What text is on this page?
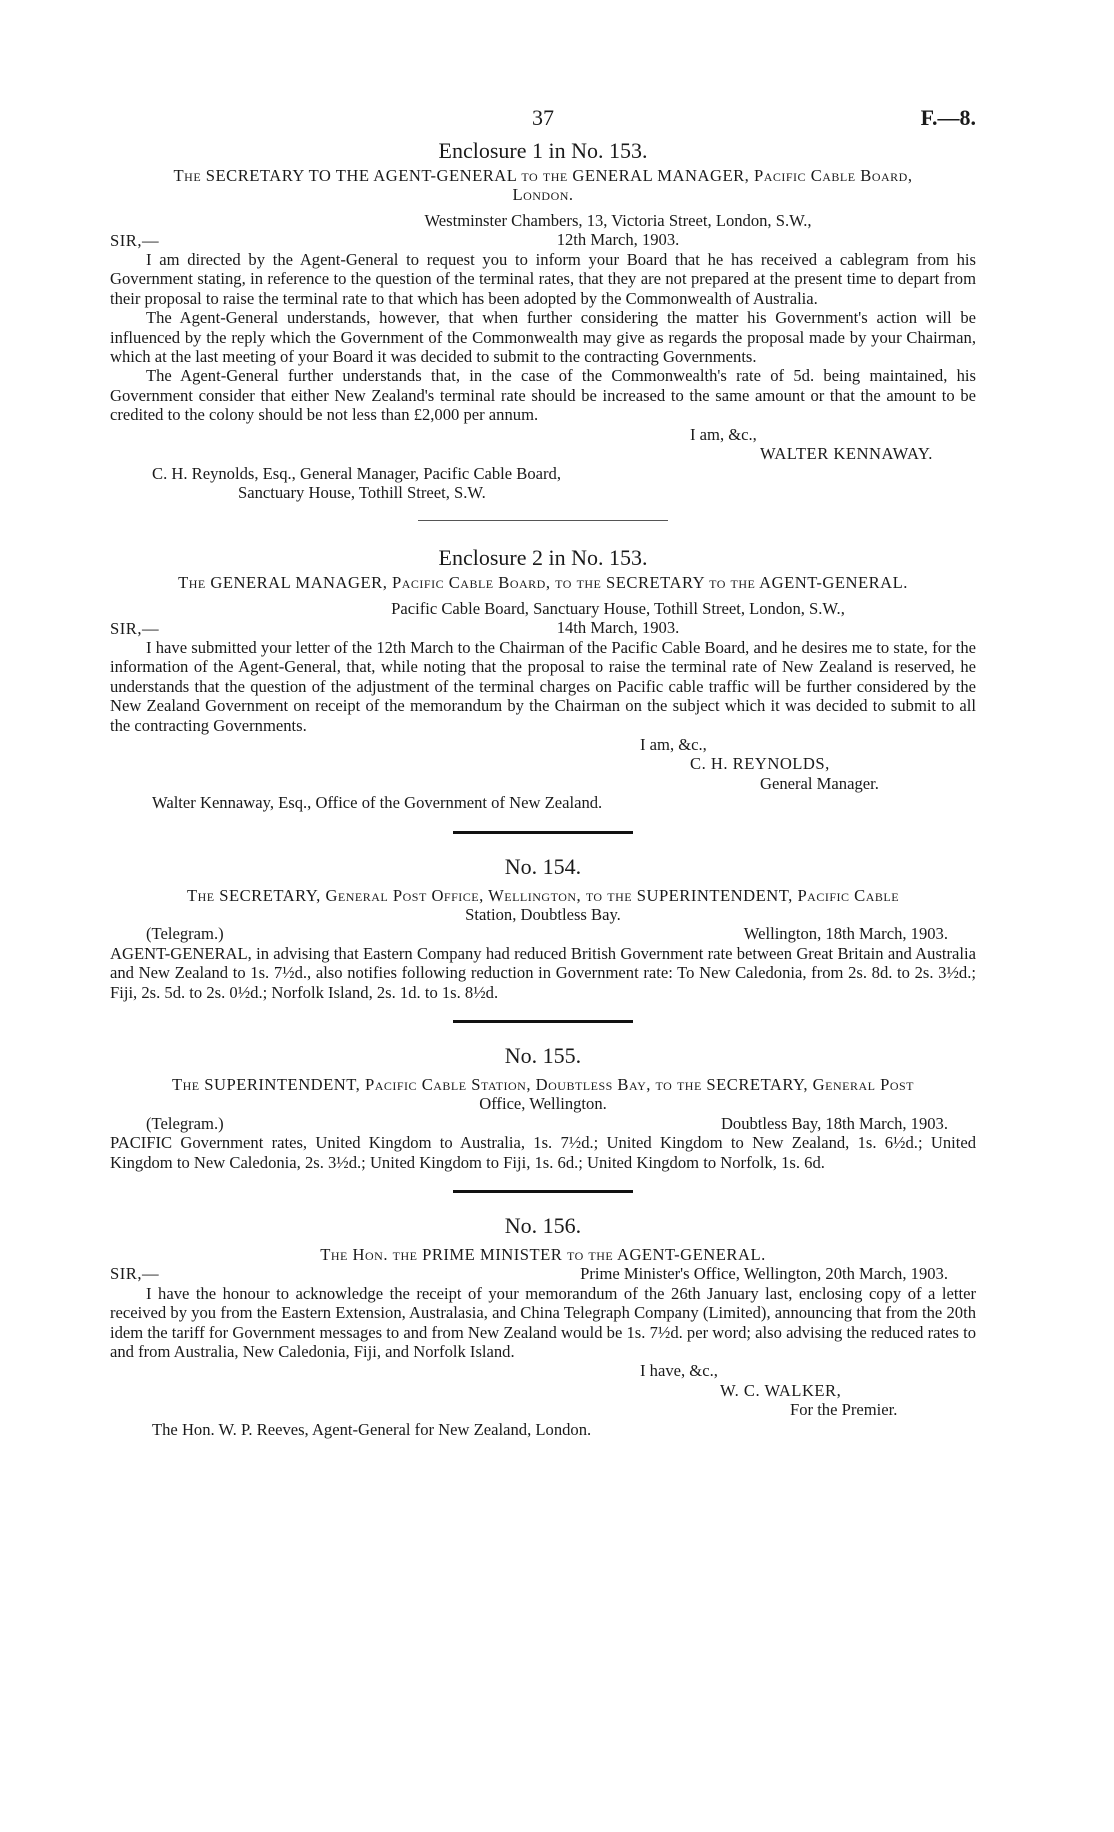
37	F.—8.
Enclosure 1 in No. 153.
The SECRETARY TO THE AGENT-GENERAL to the GENERAL MANAGER, Pacific Cable Board,
London.
Westminster Chambers, 13, Victoria Street, London, S.W.,
12th March, 1903.
SIR,—

I am directed by the Agent-General to request you to inform your Board that he has received a cablegram from his Government stating, in reference to the question of the terminal rates, that they are not prepared at the present time to depart from their proposal to raise the terminal rate to that which has been adopted by the Commonwealth of Australia.

The Agent-General understands, however, that when further considering the matter his Government's action will be influenced by the reply which the Government of the Commonwealth may give as regards the proposal made by your Chairman, which at the last meeting of your Board it was decided to submit to the contracting Governments.

The Agent-General further understands that, in the case of the Commonwealth's rate of 5d. being maintained, his Government consider that either New Zealand's terminal rate should be increased to the same amount or that the amount to be credited to the colony should be not less than £2,000 per annum.

I am, &c.,
WALTER KENNAWAY.
C. H. Reynolds, Esq., General Manager, Pacific Cable Board,
Sanctuary House, Tothill Street, S.W.
Enclosure 2 in No. 153.
The GENERAL MANAGER, Pacific Cable Board, to the SECRETARY to the AGENT-GENERAL.
Pacific Cable Board, Sanctuary House, Tothill Street, London, S.W.,
14th March, 1903.
SIR,—

I have submitted your letter of the 12th March to the Chairman of the Pacific Cable Board, and he desires me to state, for the information of the Agent-General, that, while noting that the proposal to raise the terminal rate of New Zealand is reserved, he understands that the question of the adjustment of the terminal charges on Pacific cable traffic will be further considered by the New Zealand Government on receipt of the memorandum by the Chairman on the subject which it was decided to submit to all the contracting Governments.

I am, &c.,
C. H. REYNOLDS,
General Manager.
Walter Kennaway, Esq., Office of the Government of New Zealand.
No. 154.
The SECRETARY, General Post Office, Wellington, to the SUPERINTENDENT, Pacific Cable
Station, Doubtless Bay.
(Telegram.)	Wellington, 18th March, 1903.

AGENT-GENERAL, in advising that Eastern Company had reduced British Government rate between Great Britain and Australia and New Zealand to 1s. 7½d., also notifies following reduction in Government rate: To New Caledonia, from 2s. 8d. to 2s. 3½d.; Fiji, 2s. 5d. to 2s. 0½d.; Norfolk Island, 2s. 1d. to 1s. 8½d.

No. 155.
The SUPERINTENDENT, Pacific Cable Station, Doubtless Bay, to the SECRETARY, General Post
Office, Wellington.
(Telegram.)	Doubtless Bay, 18th March, 1903.

PACIFIC Government rates, United Kingdom to Australia, 1s. 7½d.; United Kingdom to New Zealand, 1s. 6½d.; United Kingdom to New Caledonia, 2s. 3½d.; United Kingdom to Fiji, 1s. 6d.; United Kingdom to Norfolk, 1s. 6d.

No. 156.
The Hon. the PRIME MINISTER to the AGENT-GENERAL.
SIR,—	Prime Minister's Office, Wellington, 20th March, 1903.

I have the honour to acknowledge the receipt of your memorandum of the 26th January last, enclosing copy of a letter received by you from the Eastern Extension, Australasia, and China Telegraph Company (Limited), announcing that from the 20th idem the tariff for Government messages to and from New Zealand would be 1s. 7½d. per word; also advising the reduced rates to and from Australia, New Caledonia, Fiji, and Norfolk Island.

I have, &c.,
W. C. WALKER,
For the Premier.
The Hon. W. P. Reeves, Agent-General for New Zealand, London.
